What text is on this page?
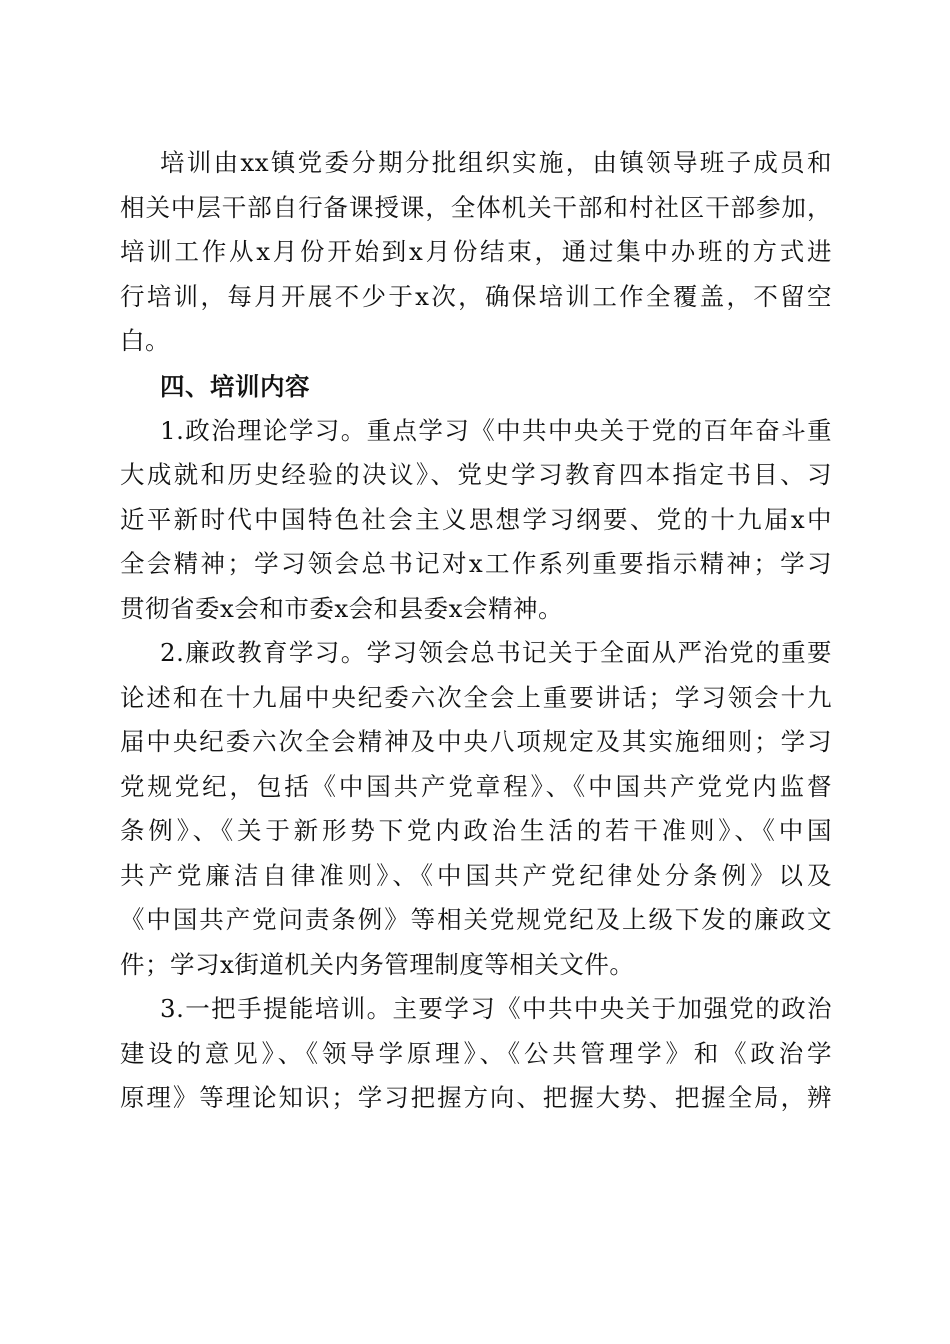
培训由xx镇党委分期分批组织实施，由镇领导班子成员和
相关中层干部自行备课授课，全体机关干部和村社区干部参加，
培训工作从x月份开始到x月份结束，通过集中办班的方式进
行培训，每月开展不少于x次，确保培训工作全覆盖，不留空
白。

四、培训内容

1.政治理论学习。重点学习《中共中央关于党的百年奋斗重
大成就和历史经验的决议》、党史学习教育四本指定书目、习
近平新时代中国特色社会主义思想学习纲要、党的十九届x中
全会精神；学习领会总书记对x工作系列重要指示精神；学习
贯彻省委x会和市委x会和县委x会精神。

2.廉政教育学习。学习领会总书记关于全面从严治党的重要
论述和在十九届中央纪委六次全会上重要讲话；学习领会十九
届中央纪委六次全会精神及中央八项规定及其实施细则；学习
党规党纪，包括《中国共产党章程》、《中国共产党党内监督
条例》、《关于新形势下党内政治生活的若干准则》、《中国
共产党廉洁自律准则》、《中国共产党纪律处分条例》以及
《中国共产党问责条例》等相关党规党纪及上级下发的廉政文
件；学习x街道机关内务管理制度等相关文件。

3.一把手提能培训。主要学习《中共中央关于加强党的政治
建设的意见》、《领导学原理》、《公共管理学》和《政治学
原理》等理论知识；学习把握方向、把握大势、把握全局，辨
